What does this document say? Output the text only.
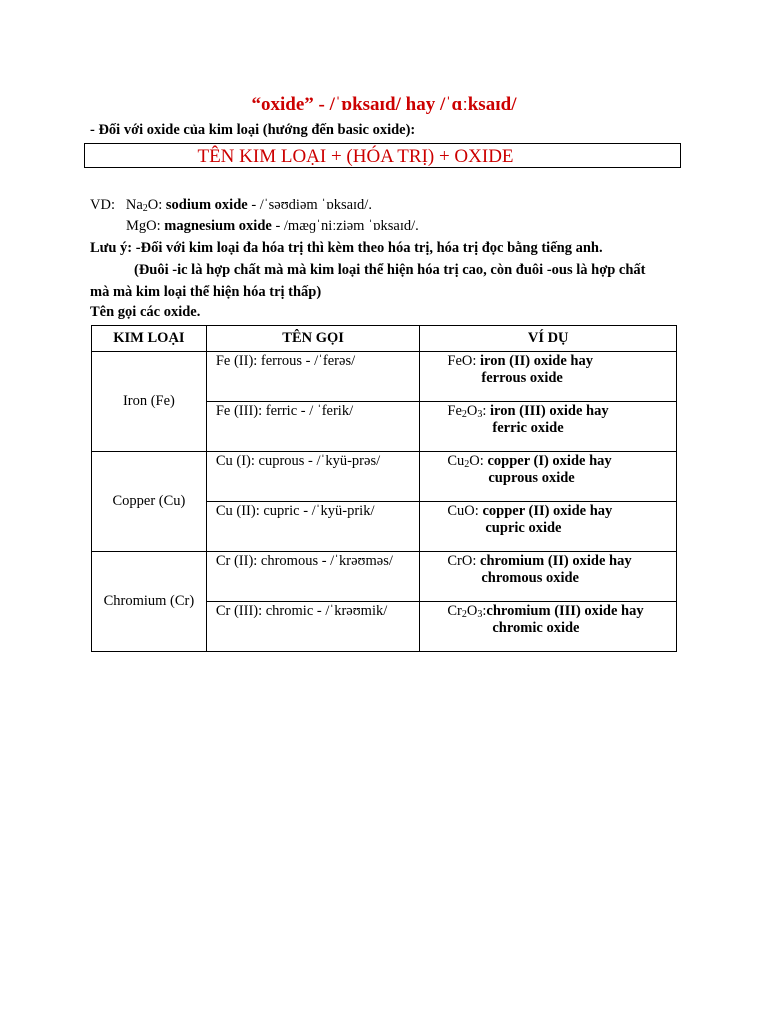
“oxide” - /ˈɒksaɪd/ hay /ˈɑːksaɪd/
- Đối với oxide của kim loại (hướng đến basic oxide):
TÊN KIM LOẠI + (HÓA TRỊ) + OXIDE
VD: $Na_2O$: sodium oxide - /ˈsəʊdiəm ˈɒksaɪd/.
MgO: magnesium oxide - /mæɡˈniːziəm ˈɒksaɪd/.
Lưu ý: -Đối với kim loại đa hóa trị thì kèm theo hóa trị, hóa trị đọc bằng tiếng anh.
(Đuôi -ic là hợp chất mà mà kim loại thể hiện hóa trị cao, còn đuôi -ous là hợp chất
mà mà kim loại thể hiện hóa trị thấp)
Tên gọi các oxide.
KIM LOẠI	TÊN GỌI	VÍ DỤ
Iron (Fe)	Fe (II): ferrous - /ˈferəs/	FeO: iron (II) oxide hay
ferrous oxide

	Fe (III): ferric - / ˈferik/	$Fe_2O_3$: iron (III) oxide hay
ferric oxide

Copper (Cu)	Cu (I): cuprous - /ˈkyü-prəs/	$Cu_2O$: copper (I) oxide hay
cuprous oxide

	Cu (II): cupric - /ˈkyü-prik/	CuO: copper (II) oxide hay
cupric oxide

Chromium (Cr)	Cr (II): chromous - /ˈkrəʊməs/	CrO: chromium (II) oxide hay
chromous oxide

	Cr (III): chromic - /ˈkrəʊmik/	$Cr_2O_3:chromium$ (III) oxide hay
chromic oxide
